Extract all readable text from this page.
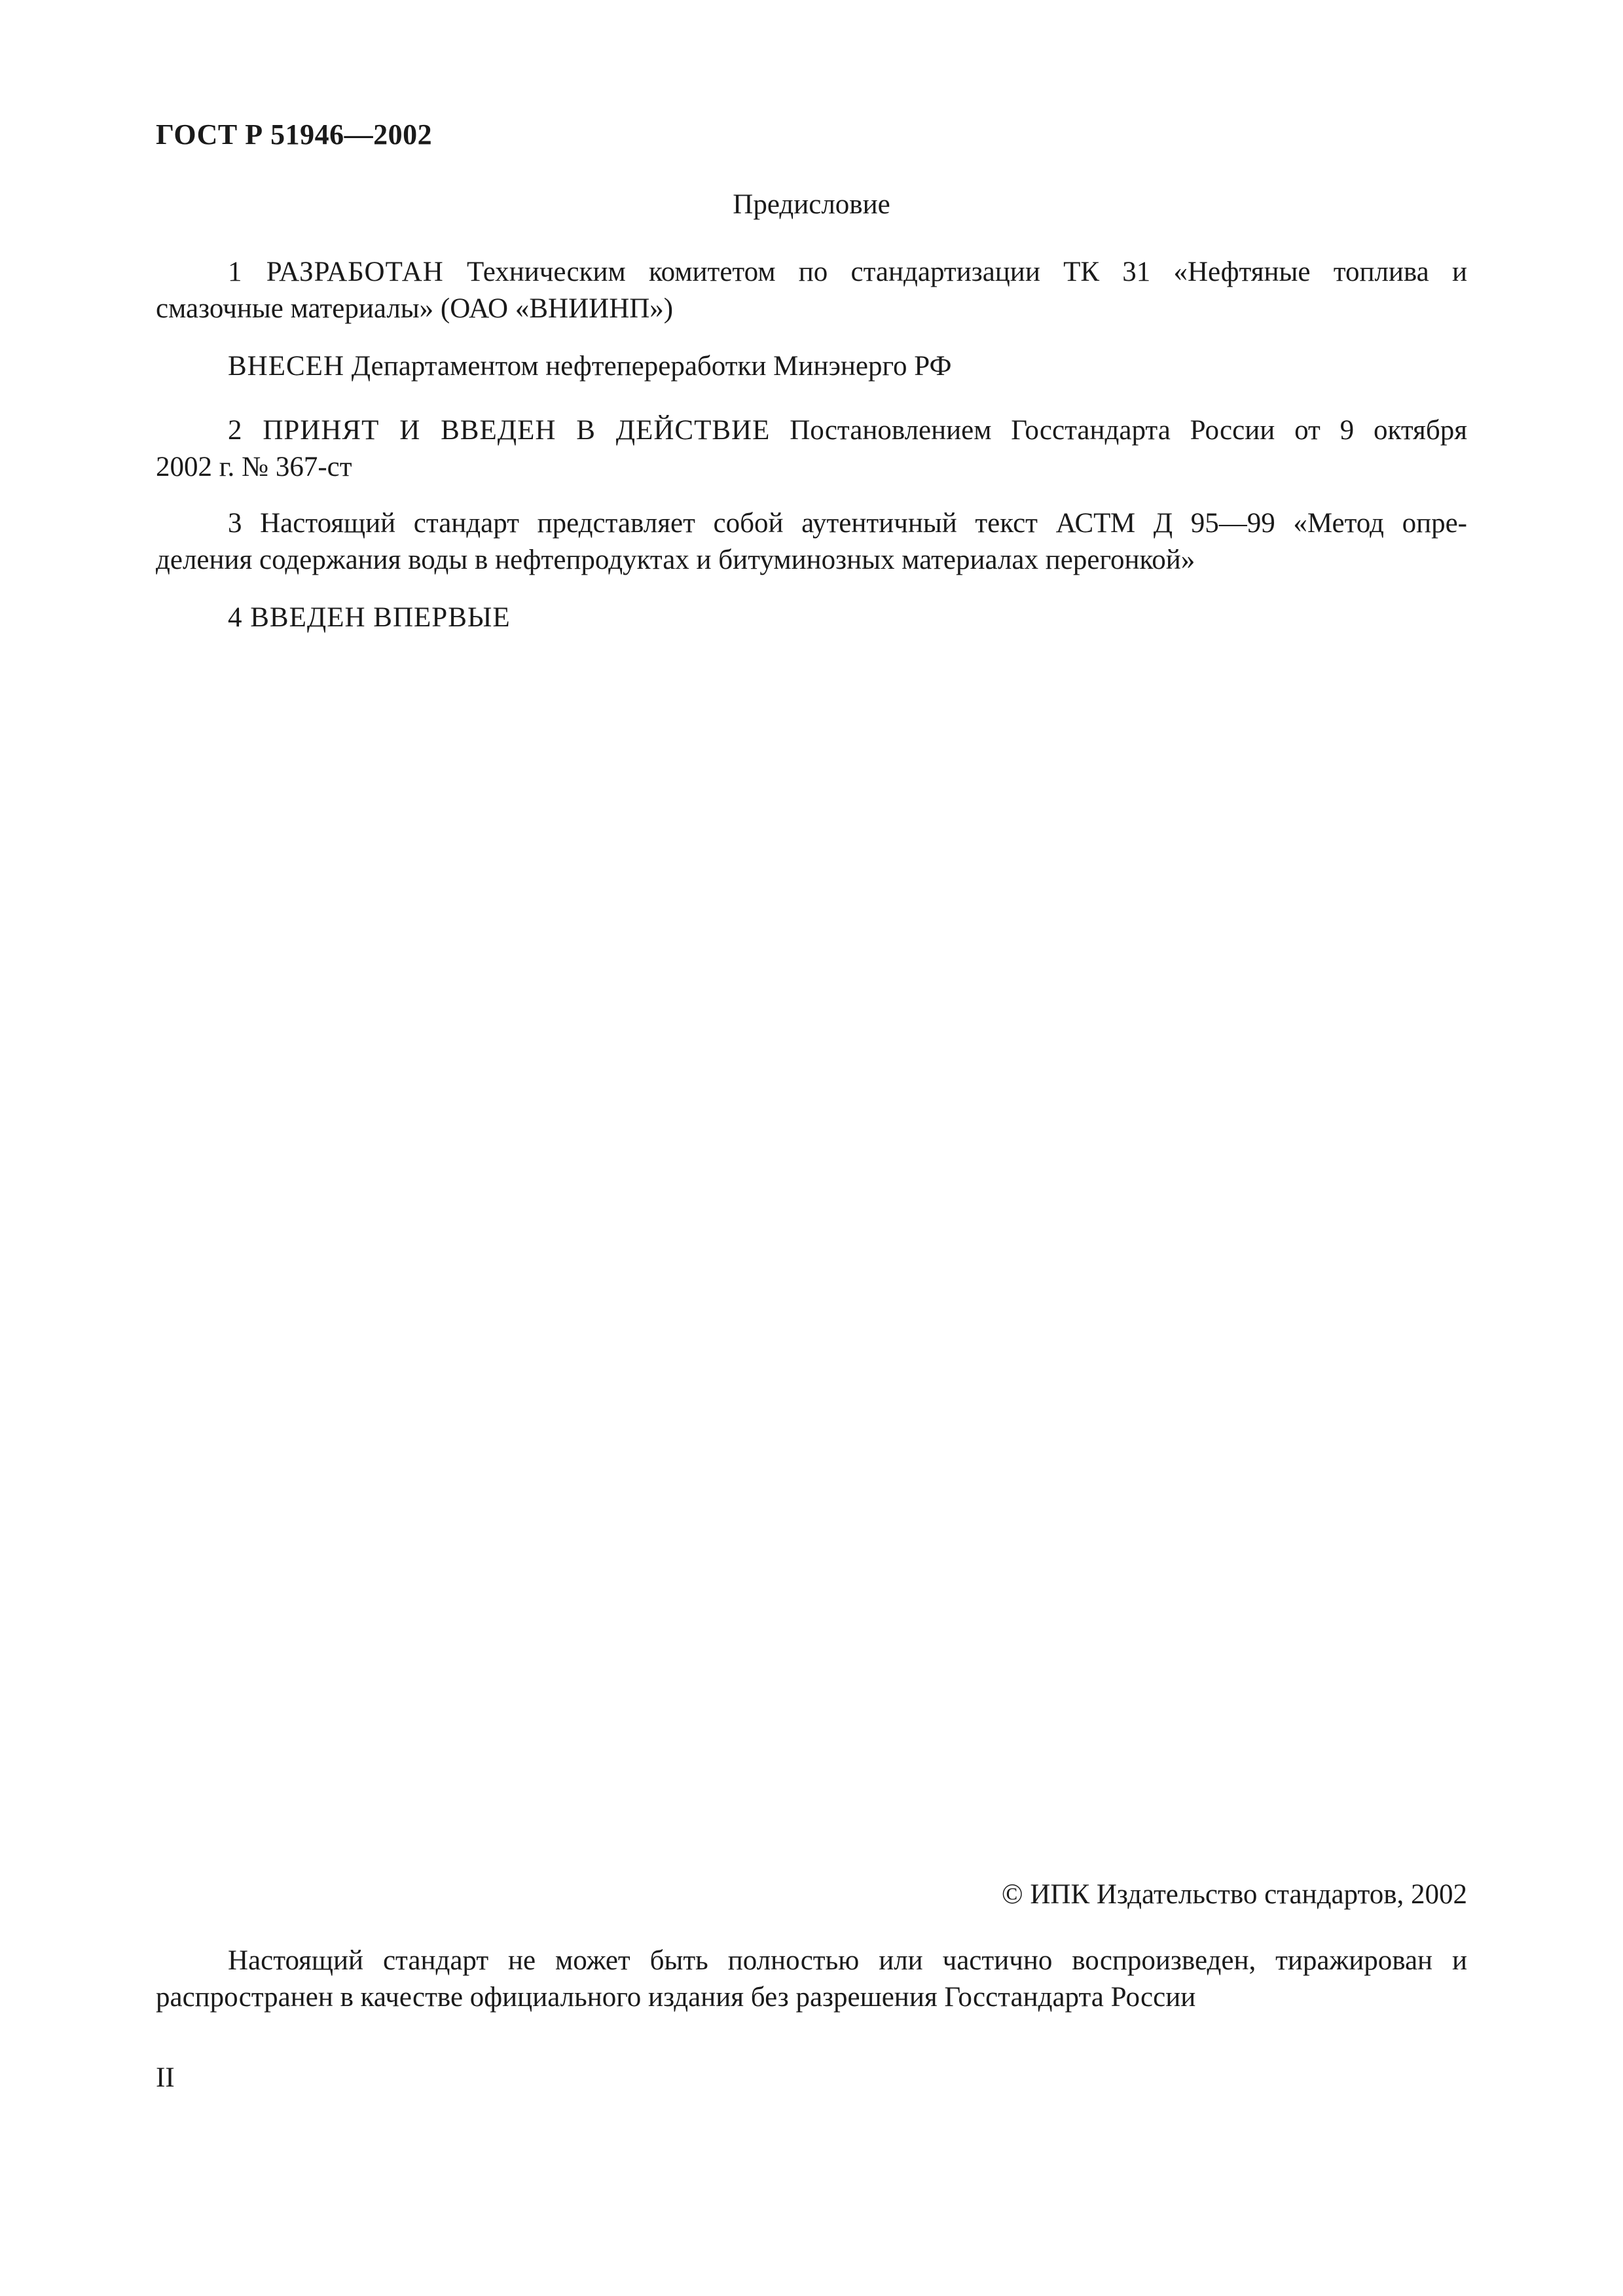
ГОСТ Р 51946—2002
Предисловие
1 РАЗРАБОТАН Техническим комитетом по стандартизации ТК 31 «Нефтяные топлива и
смазочные материалы» (ОАО «ВНИИНП»)
ВНЕСЕН Департаментом нефтепереработки Минэнерго РФ
2 ПРИНЯТ И ВВЕДЕН В ДЕЙСТВИЕ Постановлением Госстандарта России от 9 октября
2002 г. № 367-ст
3 Настоящий стандарт представляет собой аутентичный текст АСТМ Д 95—99 «Метод опре-
деления содержания воды в нефтепродуктах и битуминозных материалах перегонкой»
4 ВВЕДЕН ВПЕРВЫЕ
© ИПК Издательство стандартов, 2002
Настоящий стандарт не может быть полностью или частично воспроизведен, тиражирован и
распространен в качестве официального издания без разрешения Госстандарта России
II
